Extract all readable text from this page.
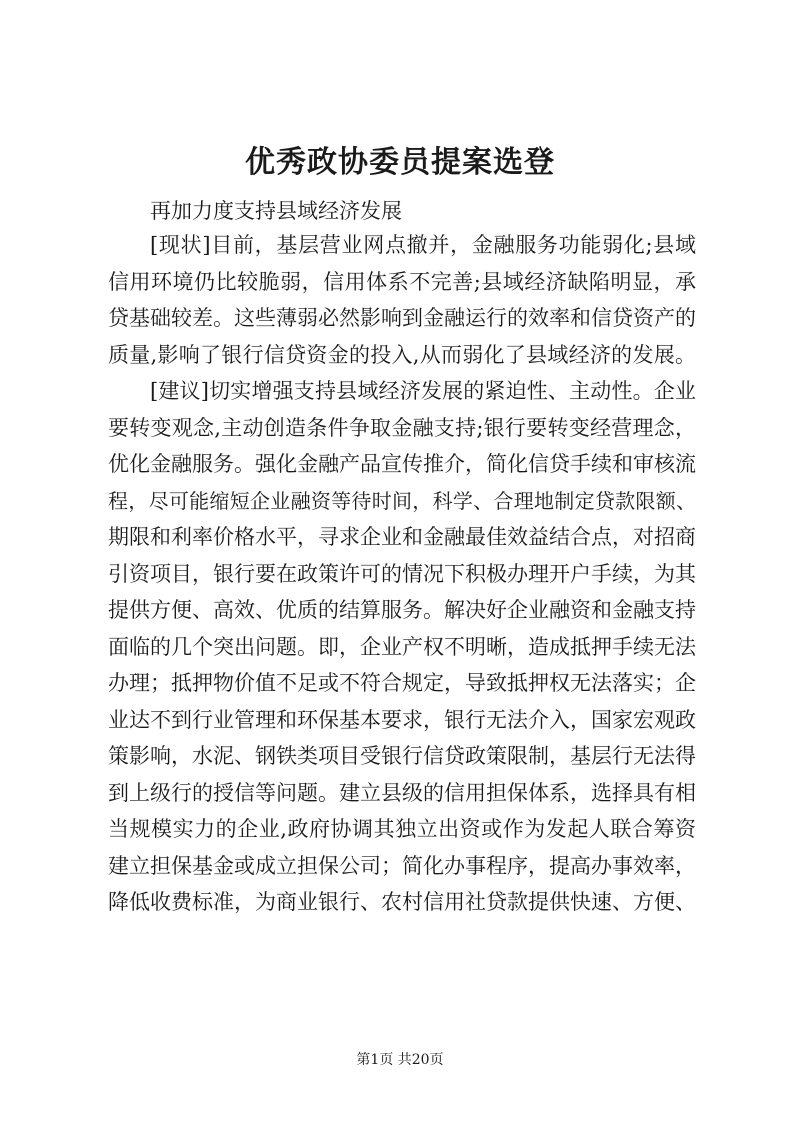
优秀政协委员提案选登

再加力度支持县域经济发展

[现状]目前，基层营业网点撤并，金融服务功能弱化;县域
信用环境仍比较脆弱，信用体系不完善;县域经济缺陷明显，承
贷基础较差。这些薄弱必然影响到金融运行的效率和信贷资产的
质量,影响了银行信贷资金的投入,从而弱化了县域经济的发展。
[建议]切实增强支持县域经济发展的紧迫性、主动性。企业
要转变观念,主动创造条件争取金融支持;银行要转变经营理念，
优化金融服务。强化金融产品宣传推介，简化信贷手续和审核流
程，尽可能缩短企业融资等待时间，科学、合理地制定贷款限额、
期限和利率价格水平，寻求企业和金融最佳效益结合点，对招商
引资项目，银行要在政策许可的情况下积极办理开户手续，为其
提供方便、高效、优质的结算服务。解决好企业融资和金融支持
面临的几个突出问题。即，企业产权不明晰，造成抵押手续无法
办理；抵押物价值不足或不符合规定，导致抵押权无法落实；企
业达不到行业管理和环保基本要求，银行无法介入，国家宏观政
策影响，水泥、钢铁类项目受银行信贷政策限制，基层行无法得
到上级行的授信等问题。建立县级的信用担保体系，选择具有相
当规模实力的企业,政府协调其独立出资或作为发起人联合筹资
建立担保基金或成立担保公司；简化办事程序，提高办事效率，
降低收费标准，为商业银行、农村信用社贷款提供快速、方便、
第1页 共20页
